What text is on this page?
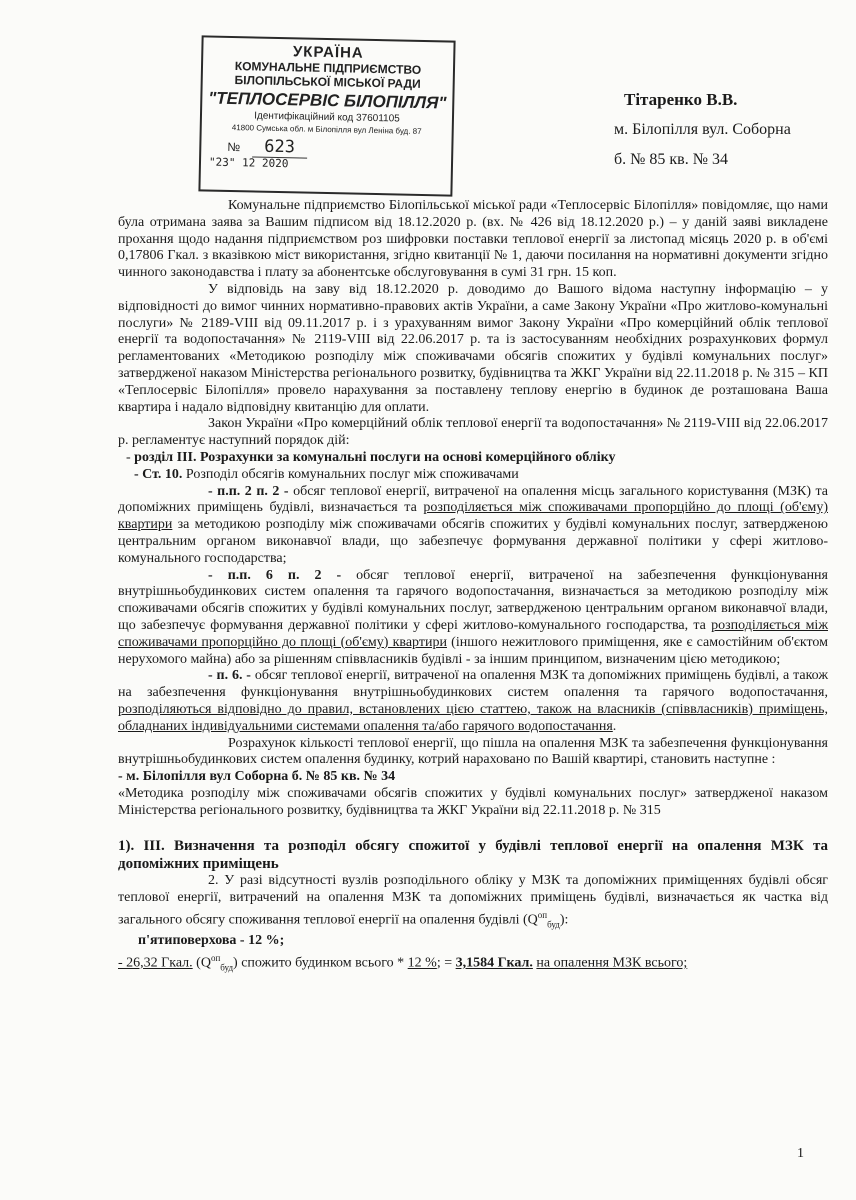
УКРАЇНА
КОМУНАЛЬНЕ ПІДПРИЄМСТВО
БІЛОПІЛЬСЬКОЇ МІСЬКОЇ РАДИ
"ТЕПЛОСЕРВІС БІЛОПІЛЛЯ"
Ідентифікаційний код 37601105
41800 Сумська обл. м Білопілля вул Леніна буд. 87
№ 623
"23" 12 2020
Тітаренко В.В.
м. Білопілля вул. Соборна
б. № 85 кв. № 34

Комунальне підприємство Білопільської міської ради «Теплосервіс Білопілля» повідомляє, що нами була отримана заява за Вашим підписом від 18.12.2020 р. (вх. № 426 від 18.12.2020 р.) – у даній заяві викладене прохання щодо надання підприємством роз шифровки поставки теплової енергії за листопад місяць 2020 р. в об'ємі 0,17806 Гкал. з вказівкою міст використання, згідно квитанції № 1, даючи посилання на нормативні документи згідно чинного законодавства і плату за абонентське обслуговування в сумі 31 грн. 15 коп.

У відповідь на заву від 18.12.2020 р. доводимо до Вашого відома наступну інформацію – у відповідності до вимог чинних нормативно-правових актів України, а саме Закону України «Про житлово-комунальні послуги» № 2189-VIII від 09.11.2017 р. і з урахуванням вимог Закону України «Про комерційний облік теплової енергії та водопостачання» № 2119-VIII від 22.06.2017 р. та із застосуванням необхідних розрахункових формул регламентованих «Методикою розподілу між споживачами обсягів спожитих у будівлі комунальних послуг» затвердженої наказом Міністерства регіонального розвитку, будівництва та ЖКГ України від 22.11.2018 р. № 315 – КП «Теплосервіс Білопілля» провело нарахування за поставлену теплову енергію в будинок де розташована Ваша квартира і надало відповідну квитанцію для оплати.

Закон України «Про комерційний облік теплової енергії та водопостачання» № 2119-VIII від 22.06.2017 р. регламентує наступний порядок дій:

- розділ ІІІ. Розрахунки за комунальні послуги на основі комерційного обліку

- Ст. 10. Розподіл обсягів комунальних послуг між споживачами

- п.п. 2 п. 2 - обсяг теплової енергії, витраченої на опалення місць загального користування (МЗК) та допоміжних приміщень будівлі, визначається та розподіляється між споживачами пропорційно до площі (об'єму) квартири за методикою розподілу між споживачами обсягів спожитих у будівлі комунальних послуг, затвердженою центральним органом виконавчої влади, що забезпечує формування державної політики у сфері житлово-комунального господарства;

- п.п. 6 п. 2 - обсяг теплової енергії, витраченої на забезпечення функціонування внутрішньобудинкових систем опалення та гарячого водопостачання, визначається за методикою розподілу між споживачами обсягів спожитих у будівлі комунальних послуг, затвердженою центральним органом виконавчої влади, що забезпечує формування державної політики у сфері житлово-комунального господарства, та розподіляється між споживачами пропорційно до площі (об'єму) квартири (іншого нежитлового приміщення, яке є самостійним об'єктом нерухомого майна) або за рішенням співвласників будівлі - за іншим принципом, визначеним цією методикою;

- п. 6. - обсяг теплової енергії, витраченої на опалення МЗК та допоміжних приміщень будівлі, а також на забезпечення функціонування внутрішньобудинкових систем опалення та гарячого водопостачання, розподіляються відповідно до правил, встановлених цією статтею, також на власників (співвласників) приміщень, обладнаних індивідуальними системами опалення та/або гарячого водопостачання.

Розрахунок кількості теплової енергії, що пішла на опалення МЗК та забезпечення функціонування внутрішньобудинкових систем опалення будинку, котрий нараховано по Вашій квартирі, становить наступне :

- м. Білопілля вул Соборна б. № 85 кв. № 34

«Методика розподілу між споживачами обсягів спожитих у будівлі комунальних послуг» затвердженої наказом Міністерства регіонального розвитку, будівництва та ЖКГ України від 22.11.2018 р. № 315

1). ІІІ. Визначення та розподіл обсягу спожитої у будівлі теплової енергії на опалення МЗК та допоміжних приміщень

2. У разі відсутності вузлів розподільного обліку у МЗК та допоміжних приміщеннях будівлі обсяг теплової енергії, витрачений на опалення МЗК та допоміжних приміщень будівлі, визначається як частка від загального обсягу споживання теплової енергії на опалення будівлі $(Q^{оп}_{буд})$:

п'ятиповерхова - 12 %;

- 26,32 Гкал. $(Q^{оп}_{буд})$ спожито будинком всього * 12 %; = 3,1584 Гкал. на опалення МЗК всього;

1
